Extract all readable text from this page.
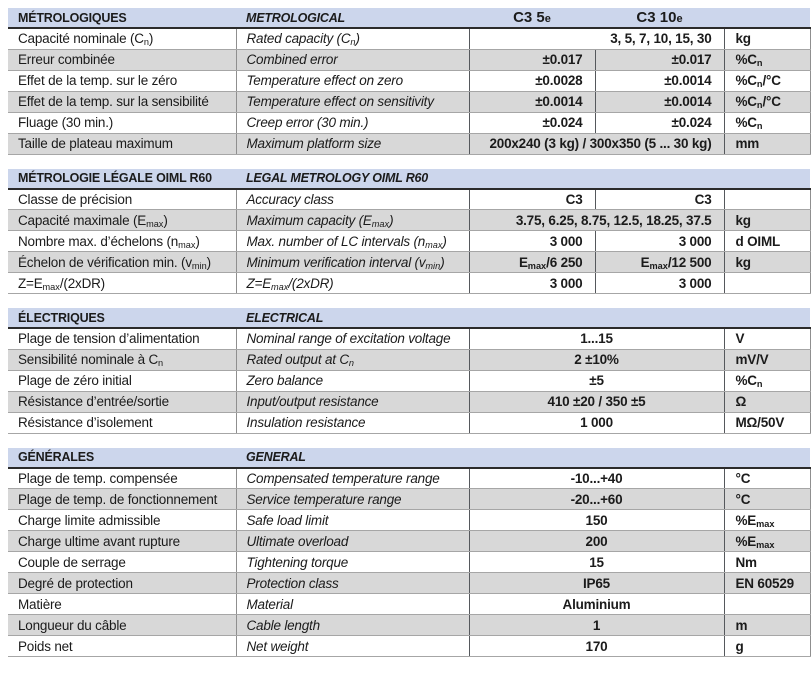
MÉTROLOGIQUES	METROLOGICAL	C3 5e	C3 10e	
Capacité nominale $(C_n)$	Rated capacity $(C_n)$	3, 5, 7, 10, 15, 30		kg
Erreur combinée	Combined error	±0.017	±0.017	$\%C_n$
Effet de la temp. sur le zéro	Temperature effect on zero	±0.0028	±0.0014	$\%C_n/^\circ C$
Effet de la temp. sur la sensibilité	Temperature effect on sensitivity	±0.0014	±0.0014	$\%C_n/^\circ C$
Fluage (30 min.)	Creep error (30 min.)	±0.024	±0.024	$\%C_n$
Taille de plateau maximum	Maximum platform size	200x240 (3 kg) / 300x350 (5 ... 30 kg)		mm
MÉTROLOGIE LÉGALE OIML R60	LEGAL METROLOGY OIML R60			
Classe de précision	Accuracy class	C3	C3	
Capacité maximale $(E_{max})$	Maximum capacity $(E_{max})$	3.75, 6.25, 8.75, 12.5, 18.25, 37.5		kg
Nombre max. d’échelons $(n_{max})$	Max. number of LC intervals $(n_{max})$	3 000	3 000	d OIML
Échelon de vérification min. $(v_{min})$	Minimum verification interval $(v_{min})$	$E_{max}/6$ 250	$E_{max}/12$ 500	kg
$Z=E_{max}/(2xDR)$	$Z=E_{max}/(2xDR)$	3 000	3 000	
ÉLECTRIQUES	ELECTRICAL		
Plage de tension d’alimentation	Nominal range of excitation voltage	1...15	V
Sensibilité nominale à $C_n$	Rated output at $C_n$	2 ±10%	mV/V
Plage de zéro initial	Zero balance	±5	$\%C_n$
Résistance d’entrée/sortie	Input/output resistance	410 ±20 / 350 ±5	Ω
Résistance d’isolement	Insulation resistance	1 000	MΩ/50V
GÉNÉRALES	GENERAL		
Plage de temp. compensée	Compensated temperature range	-10...+40	°C
Plage de temp. de fonctionnement	Service temperature range	-20...+60	°C
Charge limite admissible	Safe load limit	150	$\%E_{max}$
Charge ultime avant rupture	Ultimate overload	200	$\%E_{max}$
Couple de serrage	Tightening torque	15	Nm
Degré de protection	Protection class	IP65	EN 60529
Matière	Material	Aluminium	
Longueur du câble	Cable length	1	m
Poids net	Net weight	170	g
